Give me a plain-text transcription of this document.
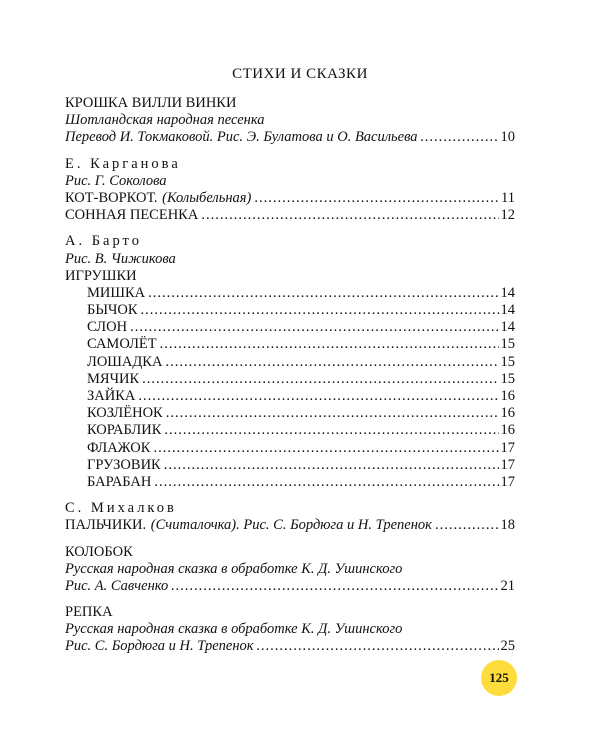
СТИХИ И СКАЗКИ
КРОШКА ВИЛЛИ ВИНКИ
Шотландская народная песенка
Перевод И. Токмаковой. Рис. Э. Булатова и О. Васильева .....	10
Е. Карганова
Рис. Г. Соколова
КОТ-ВОРКОТ.
(Колыбельная) .....	11
СОННАЯ ПЕСЕНКА .....	12
А. Барто
Рис. В. Чижикова
ИГРУШКИ
МИШКА .....	14
БЫЧОК .....	14
СЛОН .....	14
САМОЛЁТ .....	15
ЛОШАДКА .....	15
МЯЧИК .....	15
ЗАЙКА .....	16
КОЗЛЁНОК .....	16
КОРАБЛИК .....	16
ФЛАЖОК .....	17
ГРУЗОВИК .....	17
БАРАБАН .....	17
С. Михалков
ПАЛЬЧИКИ.
(Считалочка). Рис. С. Бордюга и Н. Трепенок .....	18
КОЛОБОК
Русская народная сказка в обработке К. Д. Ушинского
Рис. А. Савченко .....	21
РЕПКА
Русская народная сказка в обработке К. Д. Ушинского
Рис. С. Бордюга и Н. Трепенок .....	25
125
